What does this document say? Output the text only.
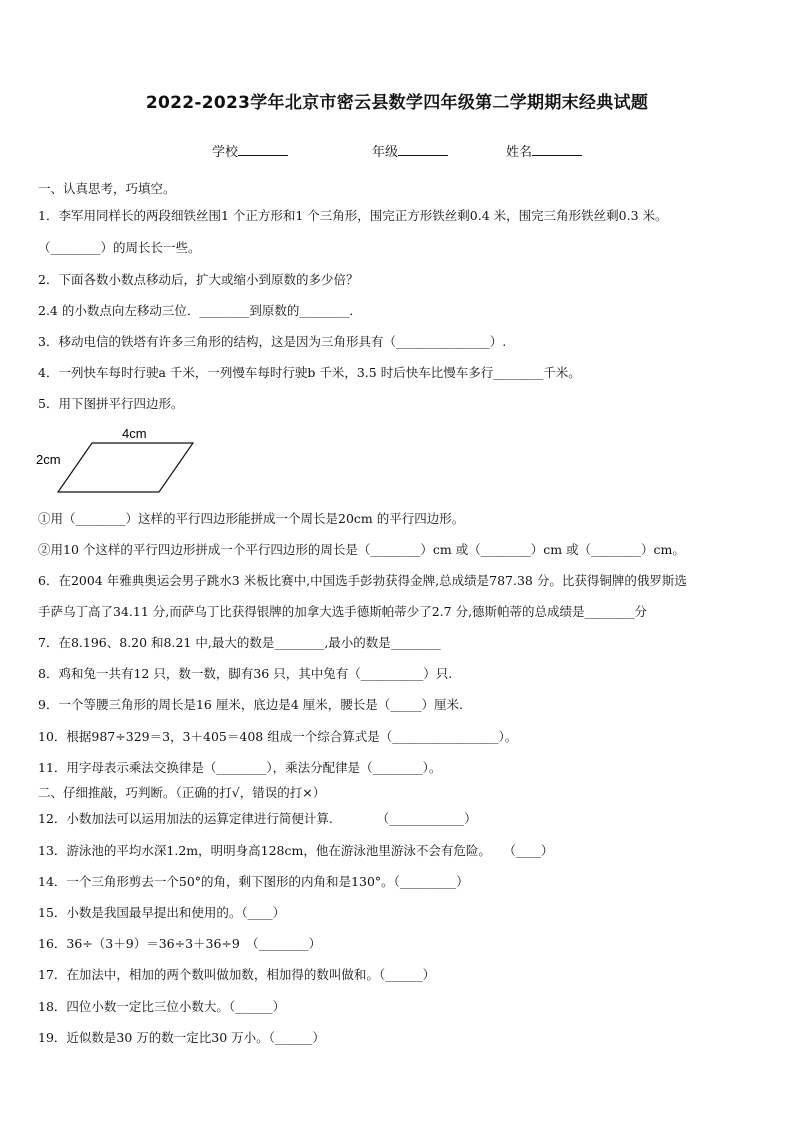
2022-2023学年北京市密云县数学四年级第二学期期末经典试题
学校	年级	姓名
一、认真思考，巧填空。
1．李军用同样长的两段细铁丝围1 个正方形和1 个三角形，围完正方形铁丝剩0.4 米，围完三角形铁丝剩0.3 米。
（________）的周长长一些。
2．下面各数小数点移动后，扩大或缩小到原数的多少倍？
2.4 的小数点向左移动三位．________到原数的________．
3．移动电信的铁塔有许多三角形的结构，这是因为三角形具有（_______________）.
4．一列快车每时行驶a 千米，一列慢车每时行驶b 千米，3.5 时后快车比慢车多行________千米。
5．用下图拼平行四边形。
4cm
2cm
①用（________）这样的平行四边形能拼成一个周长是20cm 的平行四边形。
②用10 个这样的平行四边形拼成一个平行四边形的周长是（________）cm 或（________）cm 或（________）cm。
6．在2004 年雅典奥运会男子跳水3 米板比赛中,中国选手彭勃获得金牌,总成绩是787.38 分。比获得铜牌的俄罗斯选
手萨乌丁高了34.11 分,而萨乌丁比获得银牌的加拿大选手德斯帕蒂少了2.7 分,德斯帕蒂的总成绩是________分
7．在8.196、8.20 和8.21 中,最大的数是________,最小的数是________
8．鸡和兔一共有12 只，数一数，脚有36 只，其中兔有（__________）只.
9．一个等腰三角形的周长是16 厘米，底边是4 厘米，腰长是（_____）厘米.
10．根据987÷329＝3，3＋405＝408 组成一个综合算式是（_________________）。
11．用字母表示乘法交换律是（________），乘法分配律是（________）。
二、仔细推敲，巧判断。（正确的打√，错误的打×）
12．小数加法可以运用加法的运算定律进行简便计算.　　　　（____________）
13．游泳池的平均水深1.2m，明明身高128cm，他在游泳池里游泳不会有危险。　　（____）
14．一个三角形剪去一个50°的角，剩下图形的内角和是130°。（_________）
15．小数是我国最早提出和使用的。（____）
16．36÷（3＋9）＝36÷3＋36÷9　（________）
17．在加法中，相加的两个数叫做加数，相加得的数叫做和。（______）
18．四位小数一定比三位小数大。（______）
19．近似数是30 万的数一定比30 万小。（______）
